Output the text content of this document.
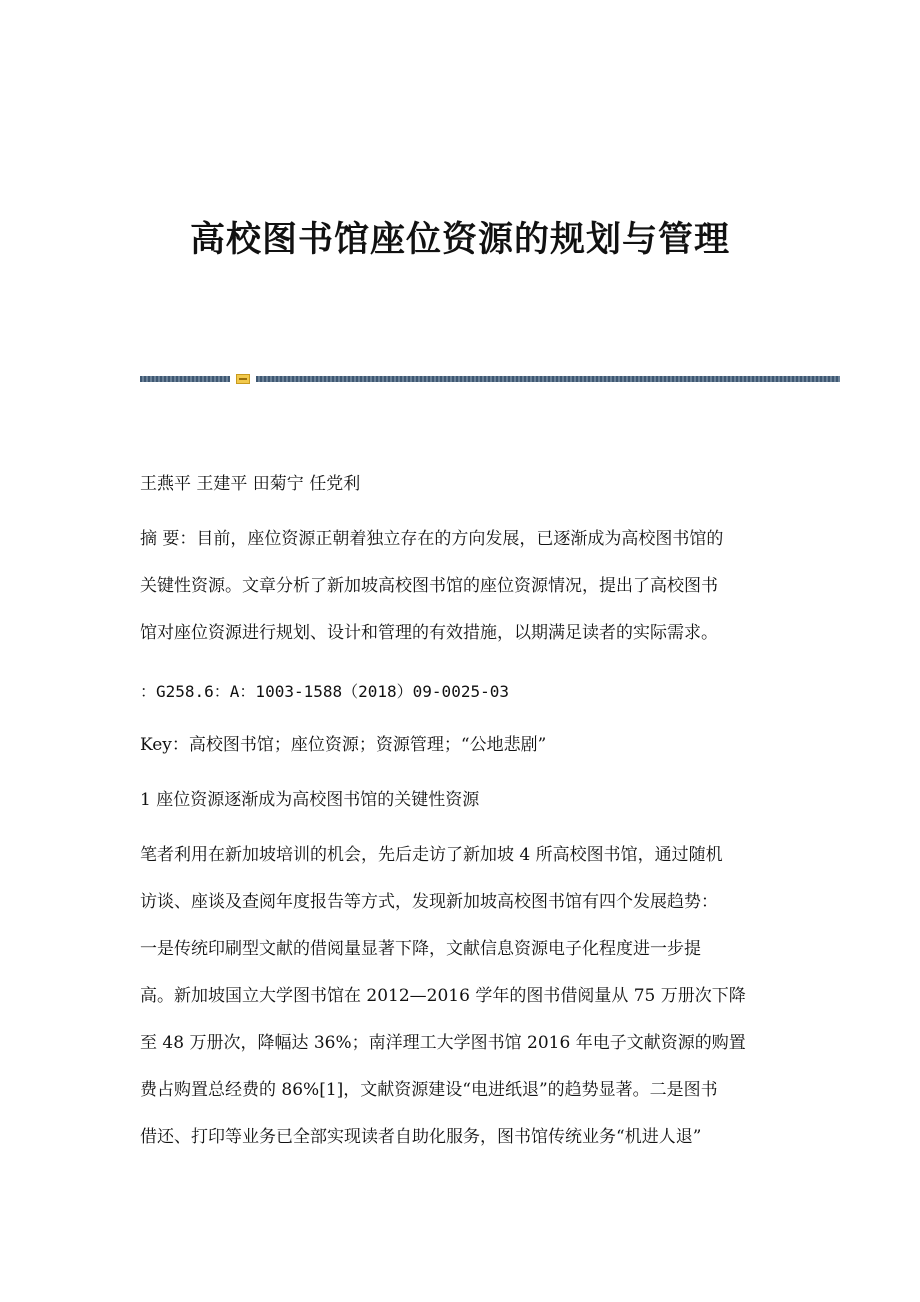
高校图书馆座位资源的规划与管理

王燕平 王建平 田菊宁 任党利

摘 要：目前，座位资源正朝着独立存在的方向发展，已逐渐成为高校图书馆的
关键性资源。文章分析了新加坡高校图书馆的座位资源情况，提出了高校图书
馆对座位资源进行规划、设计和管理的有效措施，以期满足读者的实际需求。

：G258.6：A：1003-1588（2018）09-0025-03

Key：高校图书馆；座位资源；资源管理；“公地悲剧”

1 座位资源逐渐成为高校图书馆的关键性资源

笔者利用在新加坡培训的机会，先后走访了新加坡 4 所高校图书馆，通过随机
访谈、座谈及查阅年度报告等方式，发现新加坡高校图书馆有四个发展趋势：
一是传统印刷型文献的借阅量显著下降，文献信息资源电子化程度进一步提
高。新加坡国立大学图书馆在 2012—2016 学年的图书借阅量从 75 万册次下降
至 48 万册次，降幅达 36%；南洋理工大学图书馆 2016 年电子文献资源的购置
费占购置总经费的 86%[1]，文献资源建设“电进纸退”的趋势显著。二是图书
借还、打印等业务已全部实现读者自助化服务，图书馆传统业务“机进人退”
